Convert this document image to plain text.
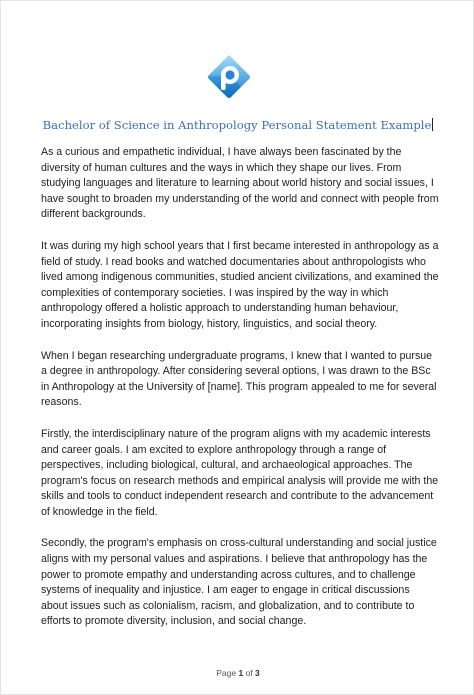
Bachelor of Science in Anthropology Personal Statement Example

As a curious and empathetic individual, I have always been fascinated by the diversity of human cultures and the ways in which they shape our lives. From studying languages and literature to learning about world history and social issues, I have sought to broaden my understanding of the world and connect with people from different backgrounds.

It was during my high school years that I first became interested in anthropology as a field of study. I read books and watched documentaries about anthropologists who lived among indigenous communities, studied ancient civilizations, and examined the complexities of contemporary societies. I was inspired by the way in which anthropology offered a holistic approach to understanding human behaviour, incorporating insights from biology, history, linguistics, and social theory.

When I began researching undergraduate programs, I knew that I wanted to pursue a degree in anthropology. After considering several options, I was drawn to the BSc in Anthropology at the University of [name]. This program appealed to me for several reasons.

Firstly, the interdisciplinary nature of the program aligns with my academic interests and career goals. I am excited to explore anthropology through a range of perspectives, including biological, cultural, and archaeological approaches. The program's focus on research methods and empirical analysis will provide me with the skills and tools to conduct independent research and contribute to the advancement of knowledge in the field.

Secondly, the program's emphasis on cross-cultural understanding and social justice aligns with my personal values and aspirations. I believe that anthropology has the power to promote empathy and understanding across cultures, and to challenge systems of inequality and injustice. I am eager to engage in critical discussions about issues such as colonialism, racism, and globalization, and to contribute to efforts to promote diversity, inclusion, and social change.

Page 1 of 3
